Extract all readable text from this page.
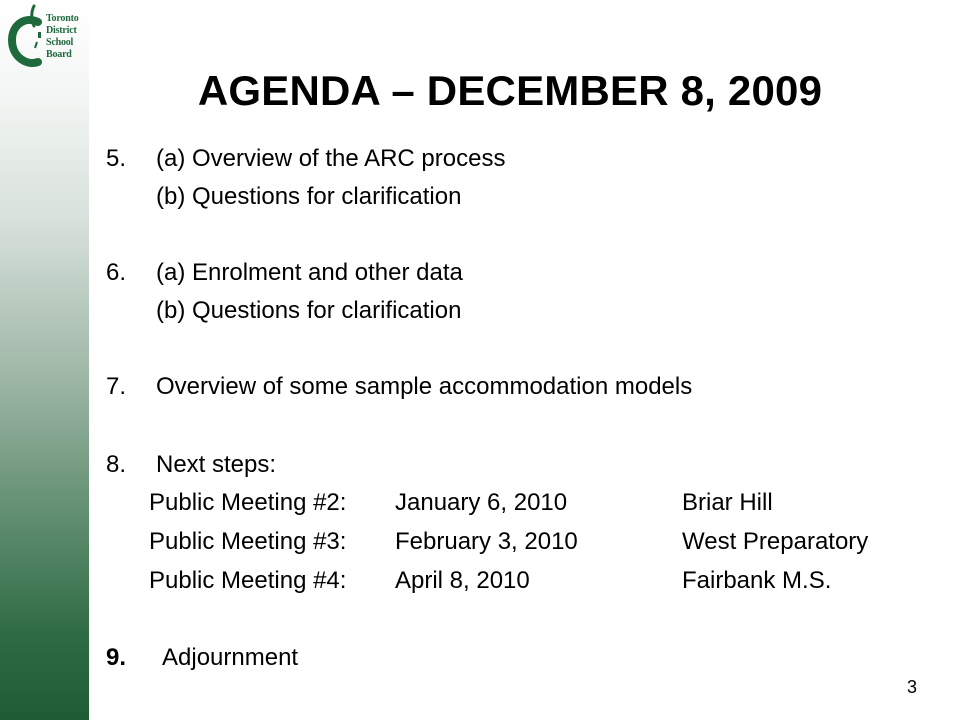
Toronto
District
School
Board
AGENDA – DECEMBER 8, 2009
5. (a) Overview of the ARC process
(b) Questions for clarification
6. (a) Enrolment and other data
(b) Questions for clarification
7. Overview of some sample accommodation models
8. Next steps:
Public Meeting #2: January 6, 2010	Briar Hill
Public Meeting #3: February 3, 2010	West Preparatory
Public Meeting #4: April 8, 2010	Fairbank M.S.
9. Adjournment
3
